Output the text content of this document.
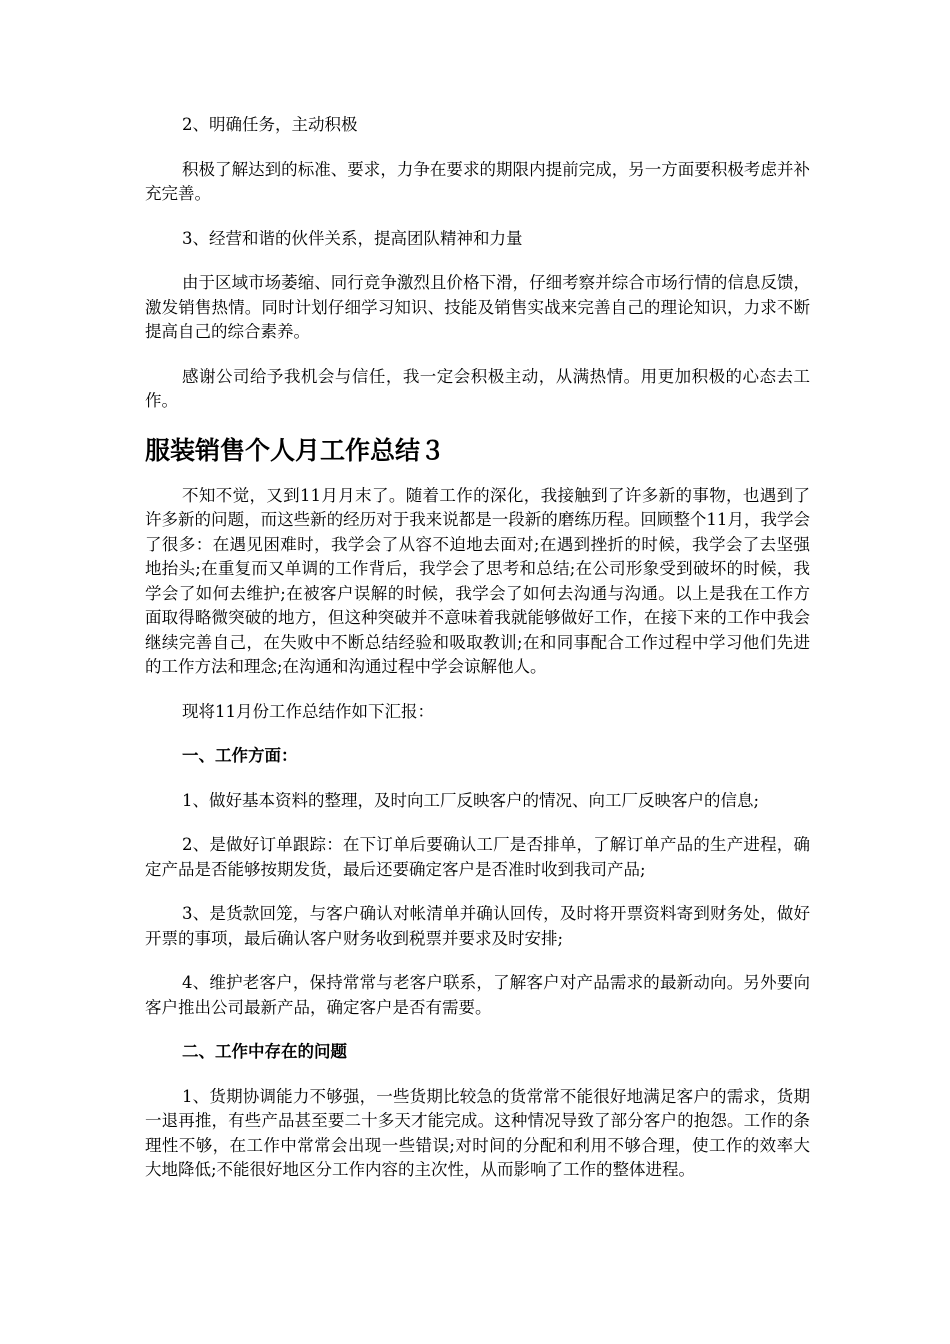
2、明确任务，主动积极

积极了解达到的标准、要求，力争在要求的期限内提前完成，另一方面要积极考虑并补充完善。

3、经营和谐的伙伴关系，提高团队精神和力量

由于区域市场萎缩、同行竞争激烈且价格下滑，仔细考察并综合市场行情的信息反馈，激发销售热情。同时计划仔细学习知识、技能及销售实战来完善自己的理论知识，力求不断提高自己的综合素养。

感谢公司给予我机会与信任，我一定会积极主动，从满热情。用更加积极的心态去工作。

服装销售个人月工作总结３

不知不觉，又到11月月末了。随着工作的深化，我接触到了许多新的事物，也遇到了许多新的问题，而这些新的经历对于我来说都是一段新的磨练历程。回顾整个11月，我学会了很多：在遇见困难时，我学会了从容不迫地去面对;在遇到挫折的时候，我学会了去坚强地抬头;在重复而又单调的工作背后，我学会了思考和总结;在公司形象受到破坏的时候，我学会了如何去维护;在被客户误解的时候，我学会了如何去沟通与沟通。以上是我在工作方面取得略微突破的地方，但这种突破并不意味着我就能够做好工作，在接下来的工作中我会继续完善自己，在失败中不断总结经验和吸取教训;在和同事配合工作过程中学习他们先进的工作方法和理念;在沟通和沟通过程中学会谅解他人。

现将11月份工作总结作如下汇报：

一、工作方面：

1、做好基本资料的整理，及时向工厂反映客户的情况、向工厂反映客户的信息;

2、是做好订单跟踪：在下订单后要确认工厂是否排单，了解订单产品的生产进程，确定产品是否能够按期发货，最后还要确定客户是否准时收到我司产品;

3、是货款回笼，与客户确认对帐清单并确认回传，及时将开票资料寄到财务处，做好开票的事项，最后确认客户财务收到税票并要求及时安排;

4、维护老客户，保持常常与老客户联系，了解客户对产品需求的最新动向。另外要向客户推出公司最新产品，确定客户是否有需要。

二、工作中存在的问题

1、货期协调能力不够强，一些货期比较急的货常常不能很好地满足客户的需求，货期一退再推，有些产品甚至要二十多天才能完成。这种情况导致了部分客户的抱怨。工作的条理性不够，在工作中常常会出现一些错误;对时间的分配和利用不够合理，使工作的效率大大地降低;不能很好地区分工作内容的主次性，从而影响了工作的整体进程。
